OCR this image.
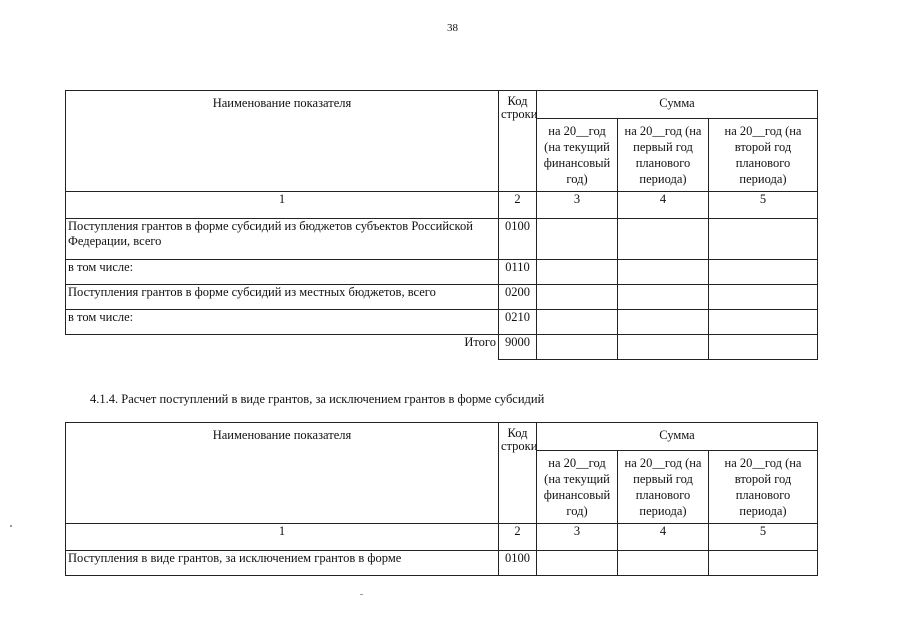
38
Наименование показателя	Код строки	Сумма		
		на 20__год (на текущий финансовый год)	на 20__год (на первый год планового периода)	на 20__год (на второй год планового периода)
1	2	3	4	5
Поступления грантов в форме субсидий из бюджетов субъектов Российской Федерации, всего	0100			
в том числе:	0110			
Поступления грантов в форме субсидий из местных бюджетов, всего	0200			
в том числе:	0210			
Итого	9000			
4.1.4. Расчет поступлений в виде грантов, за исключением грантов в форме субсидий
Наименование показателя	Код строки	Сумма		
		на 20__год (на текущий финансовый год)	на 20__год (на первый год планового периода)	на 20__год (на второй год планового периода)
1	2	3	4	5
Поступления в виде грантов, за исключением грантов в форме	0100			
